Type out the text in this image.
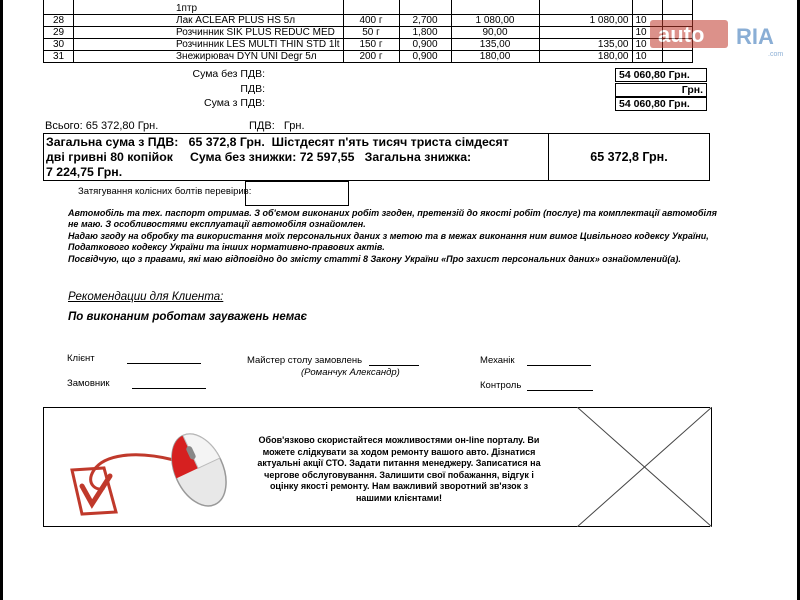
	1птр						
28	Лак ACLEAR PLUS HS 5л	400 г	2,700	1 080,00	1 080,00	10	
29	Розчинник SIK PLUS REDUC MED	50 г	1,800	90,00		10	
30	Розчинник LES MULTI THIN STD 1lt	150 г	0,900	135,00	135,00	10	
31	Знежирювач DYN UNI Degr 5л	200 г	0,900	180,00	180,00	10	
Сума без ПДВ:	54 060,80 Грн.
ПДВ:	Грн.
Сума з ПДВ:	54 060,80 Грн.
Всього: 65 372,80 Грн.	ПДВ: Грн.
Загальна сума з ПДВ:   65 372,8 Грн.  Шістдесят п'ять тисяч триста сімдесят
дві гривні 80 копійок     Сума без знижки: 72 597,55   Загальна знижка:
7 224,75 Грн.
65 372,8 Грн.
Затягування колісних болтів перевірив:

Автомобіль та тех. паспорт отримав. З об'ємом виконаних робіт згоден, претензій до якості робіт (послуг) та комплектації автомобіля не маю. З особливостями експлуатації автомобіля ознайомлен.

Надаю згоду на обробку та використання моїх персональних даних з метою та в межах виконання ним вимог Цивільного кодексу України, Податкового кодексу України та інших нормативно-правових актів.

Посвідчую, що з правами, які маю відповідно до змісту статті 8 Закону України «Про захист персональних даних» ознайомлений(а).

Рекомендации для Клиента:
По виконаним роботам зауважень немає
Клієнт
Замовник
Майстер столу замовлень
(Романчук Александр)
Механік
Контроль
Обов'язково скористайтеся можливостями он-line порталу. Ви можете слідкувати за ходом ремонту вашого авто. Дізнатися актуальні акції СТО. Задати питання менеджеру. Записатися на чергове обслуговування. Залишити свої побажання, відгук і оцінку якості ремонту. Нам важливий зворотний зв'язок з нашими клієнтами!
auto RIA
.com
